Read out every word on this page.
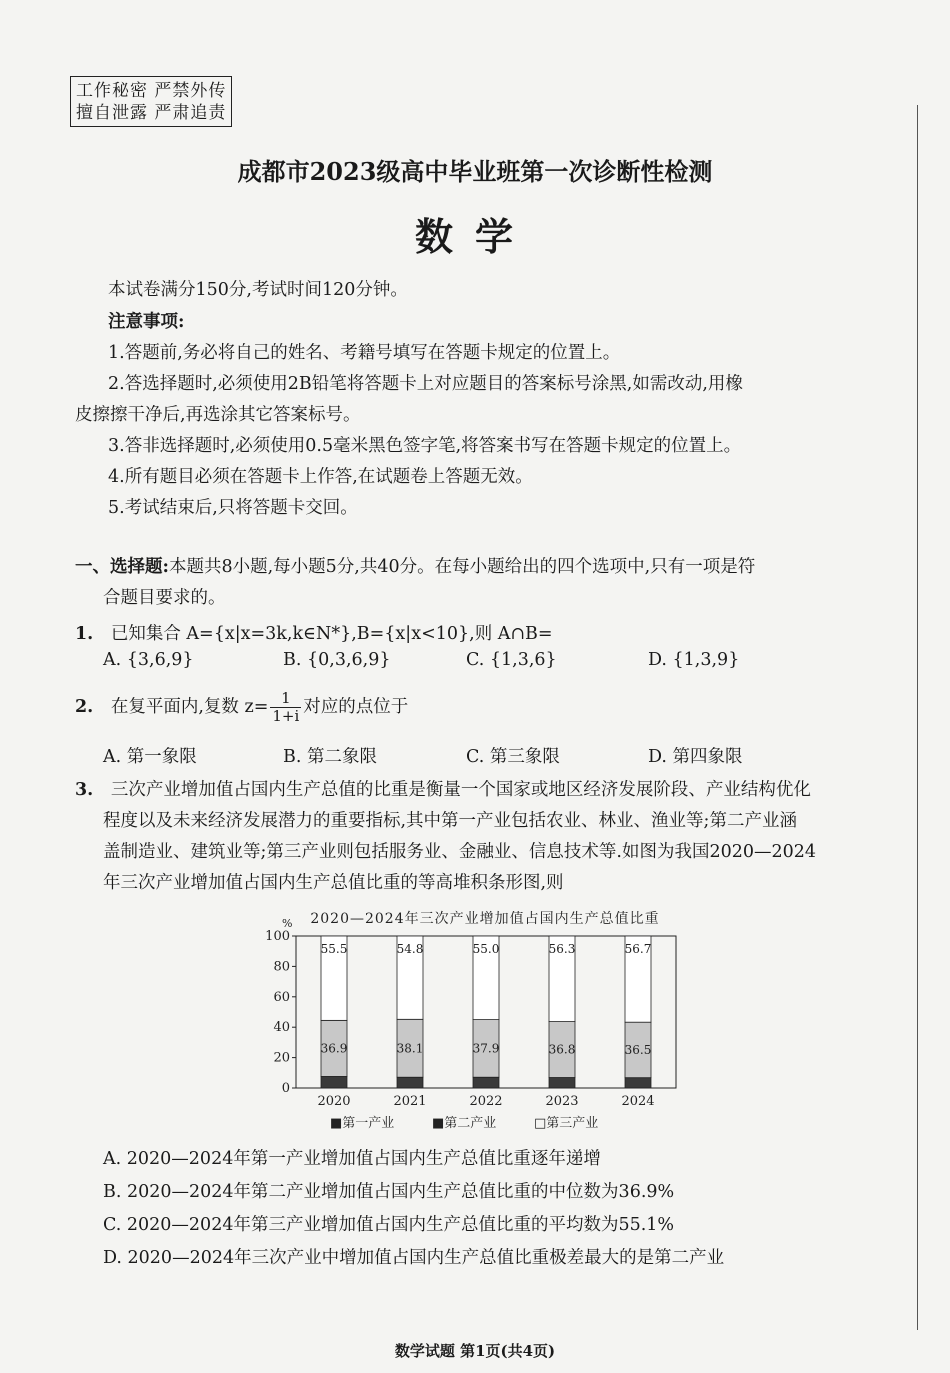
工作秘密 严禁外传
擅自泄露 严肃追责
成都市2023级高中毕业班第一次诊断性检测
数学
本试卷满分150分,考试时间120分钟。
注意事项:
1.答题前,务必将自己的姓名、考籍号填写在答题卡规定的位置上。
2.答选择题时,必须使用2B铅笔将答题卡上对应题目的答案标号涂黑,如需改动,用橡
皮擦擦干净后,再选涂其它答案标号。
3.答非选择题时,必须使用0.5毫米黑色签字笔,将答案书写在答题卡规定的位置上。
4.所有题目必须在答题卡上作答,在试题卷上答题无效。
5.考试结束后,只将答题卡交回。
一、选择题:本题共8小题,每小题5分,共40分。在每小题给出的四个选项中,只有一项是符
合题目要求的。
1. 已知集合 A={x|x=3k,k∈N*},B={x|x<10},则 A∩B=
A. {3,6,9}	B. {0,3,6,9}	C. {1,3,6}	D. {1,3,9}
2. 在复平面内,复数 $z= \frac{1}{1+i}$ 对应的点位于
A. 第一象限	B. 第二象限	C. 第三象限	D. 第四象限
3. 三次产业增加值占国内生产总值的比重是衡量一个国家或地区经济发展阶段、产业结构优化
程度以及未来经济发展潜力的重要指标,其中第一产业包括农业、林业、渔业等;第二产业涵
盖制造业、建筑业等;第三产业则包括服务业、金融业、信息技术等.如图为我国2020—2024
年三次产业增加值占国内生产总值比重的等高堆积条形图,则
2020—2024年三次产业增加值占国内生产总值比重
%
0
20
40
60
80
100
36.9
55.5
38.1
54.8
37.9
55.0
36.8
56.3
36.5
56.7
2020	2021	2022	2023	2024
■第一产业	■第二产业	□第三产业
A. 2020—2024年第一产业增加值占国内生产总值比重逐年递增
B. 2020—2024年第二产业增加值占国内生产总值比重的中位数为36.9%
C. 2020—2024年第三产业增加值占国内生产总值比重的平均数为55.1%
D. 2020—2024年三次产业中增加值占国内生产总值比重极差最大的是第二产业
数学试题 第1页(共4页)
